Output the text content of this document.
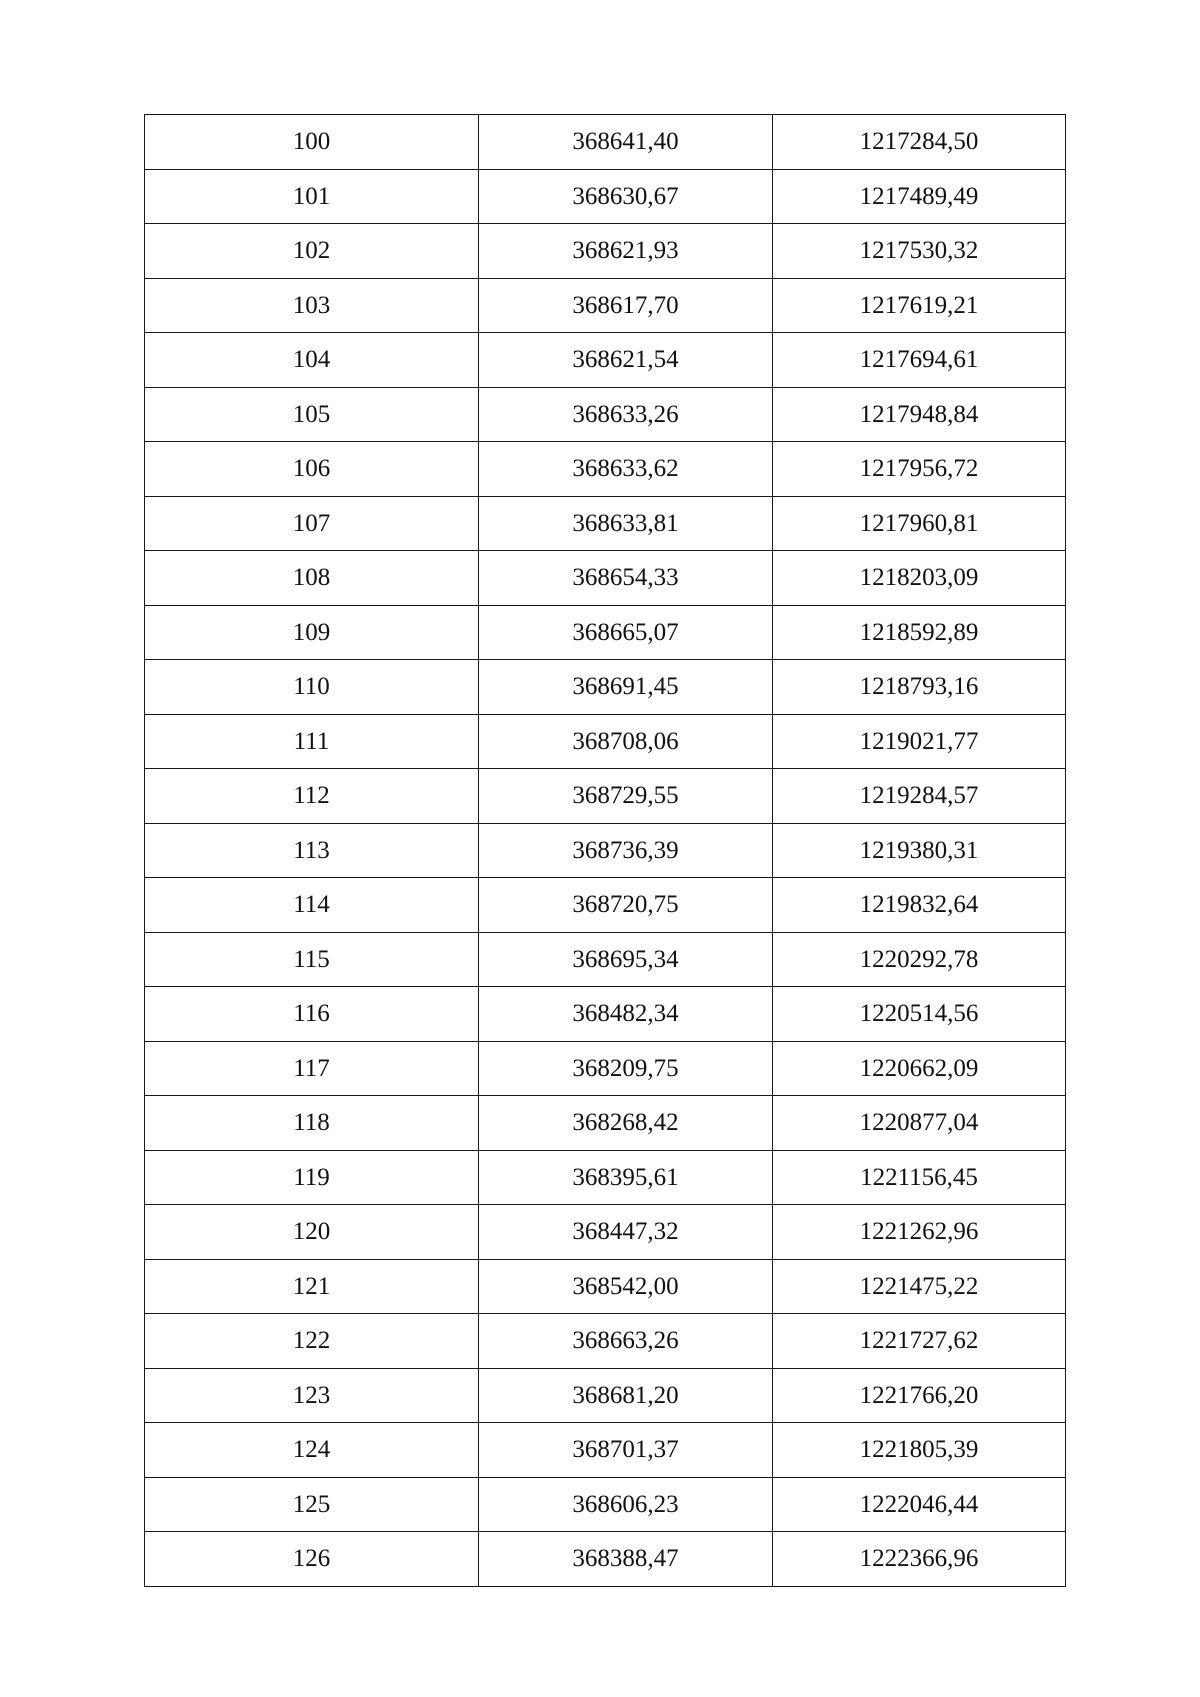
100	368641,40	1217284,50
101	368630,67	1217489,49
102	368621,93	1217530,32
103	368617,70	1217619,21
104	368621,54	1217694,61
105	368633,26	1217948,84
106	368633,62	1217956,72
107	368633,81	1217960,81
108	368654,33	1218203,09
109	368665,07	1218592,89
110	368691,45	1218793,16
111	368708,06	1219021,77
112	368729,55	1219284,57
113	368736,39	1219380,31
114	368720,75	1219832,64
115	368695,34	1220292,78
116	368482,34	1220514,56
117	368209,75	1220662,09
118	368268,42	1220877,04
119	368395,61	1221156,45
120	368447,32	1221262,96
121	368542,00	1221475,22
122	368663,26	1221727,62
123	368681,20	1221766,20
124	368701,37	1221805,39
125	368606,23	1222046,44
126	368388,47	1222366,96
